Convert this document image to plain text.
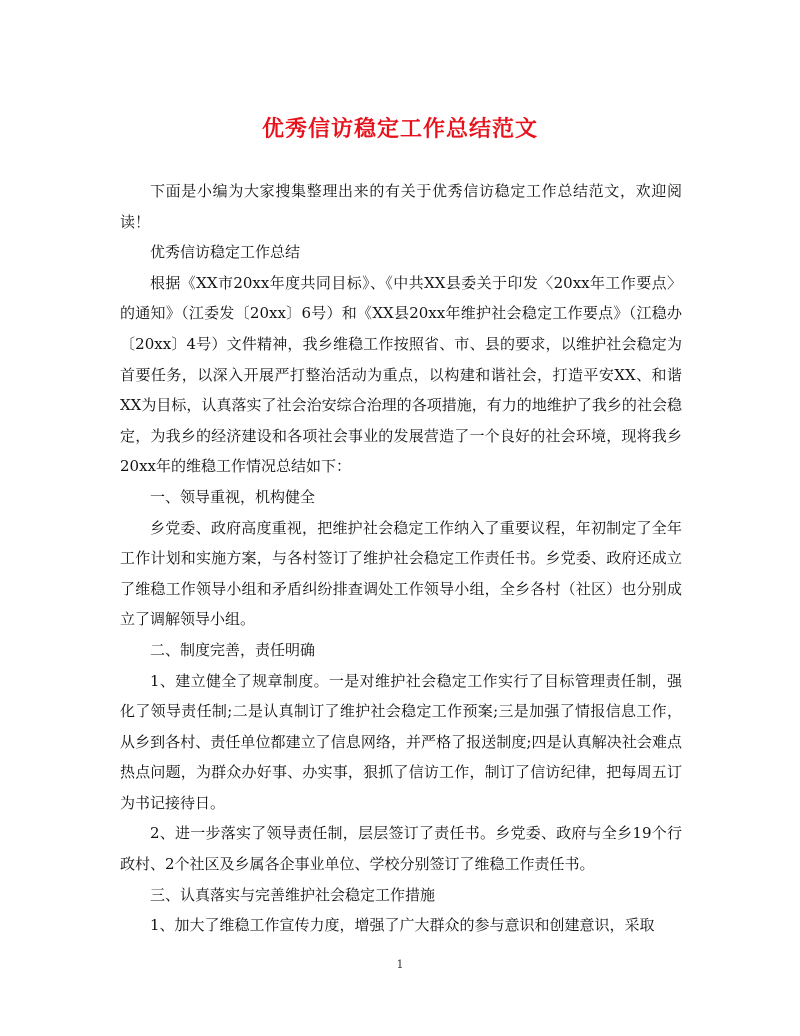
优秀信访稳定工作总结范文

下面是小编为大家搜集整理出来的有关于优秀信访稳定工作总结范文，欢迎阅读！

优秀信访稳定工作总结

根据《XX市20xx年度共同目标》、《中共XX县委关于印发〈20xx年工作要点〉的通知》（江委发〔20xx〕6号）和《XX县20xx年维护社会稳定工作要点》（江稳办〔20xx〕4号）文件精神，我乡维稳工作按照省、市、县的要求，以维护社会稳定为首要任务，以深入开展严打整治活动为重点，以构建和谐社会，打造平安XX、和谐XX为目标，认真落实了社会治安综合治理的各项措施，有力的地维护了我乡的社会稳定，为我乡的经济建设和各项社会事业的发展营造了一个良好的社会环境，现将我乡20xx年的维稳工作情况总结如下：

一、领导重视，机构健全

乡党委、政府高度重视，把维护社会稳定工作纳入了重要议程，年初制定了全年工作计划和实施方案，与各村签订了维护社会稳定工作责任书。乡党委、政府还成立了维稳工作领导小组和矛盾纠纷排查调处工作领导小组，全乡各村（社区）也分别成立了调解领导小组。

二、制度完善，责任明确

1、建立健全了规章制度。一是对维护社会稳定工作实行了目标管理责任制，强化了领导责任制;二是认真制订了维护社会稳定工作预案;三是加强了情报信息工作，从乡到各村、责任单位都建立了信息网络，并严格了报送制度;四是认真解决社会难点热点问题，为群众办好事、办实事，狠抓了信访工作，制订了信访纪律，把每周五订为书记接待日。

2、进一步落实了领导责任制，层层签订了责任书。乡党委、政府与全乡19个行政村、2个社区及乡属各企事业单位、学校分别签订了维稳工作责任书。

三、认真落实与完善维护社会稳定工作措施

1、加大了维稳工作宣传力度，增强了广大群众的参与意识和创建意识，采取

1
